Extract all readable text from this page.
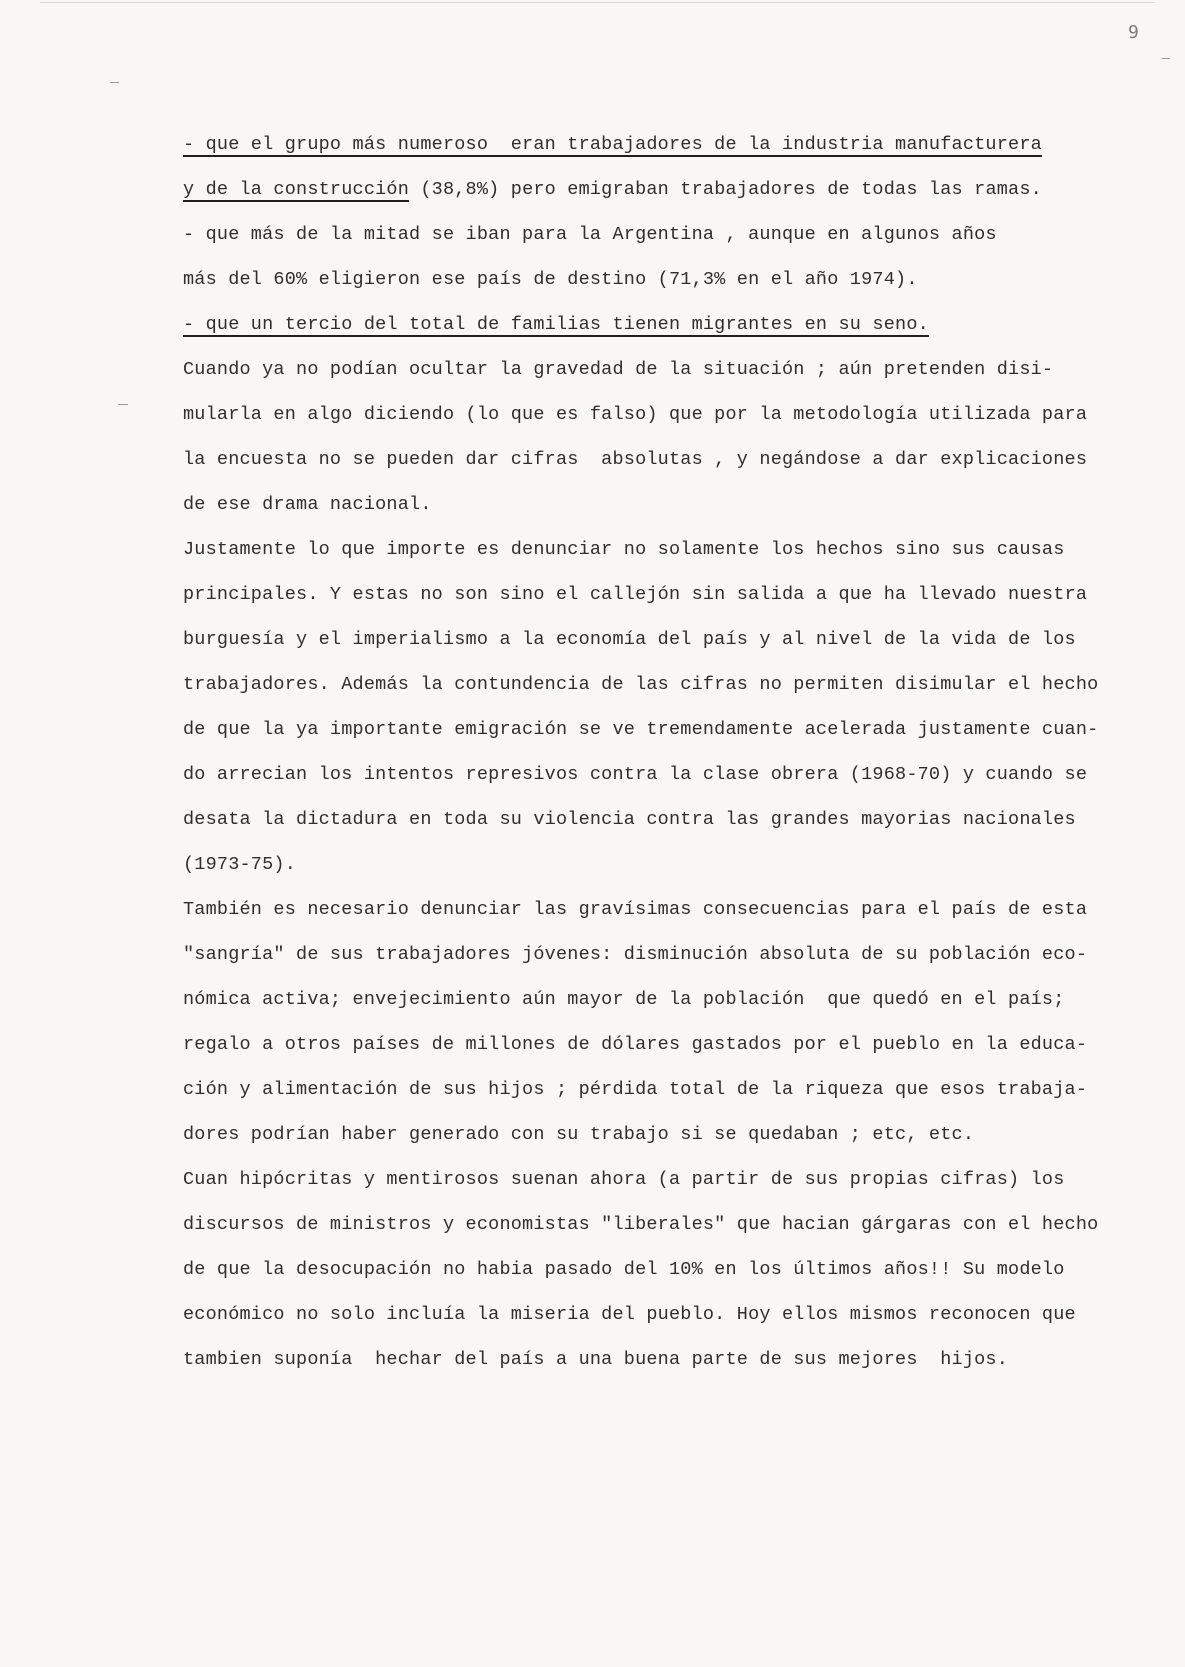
9
- que el grupo más numeroso  eran trabajadores de la industria manufacturera
y de la construcción (38,8%) pero emigraban trabajadores de todas las ramas.
- que más de la mitad se iban para la Argentina , aunque en algunos años
más del 60% eligieron ese país de destino (71,3% en el año 1974).
- que un tercio del total de familias tienen migrantes en su seno.
Cuando ya no podían ocultar la gravedad de la situación ; aún pretenden disi-
mularla en algo diciendo (lo que es falso) que por la metodología utilizada para
la encuesta no se pueden dar cifras  absolutas , y negándose a dar explicaciones
de ese drama nacional.
Justamente lo que importe es denunciar no solamente los hechos sino sus causas
principales. Y estas no son sino el callejón sin salida a que ha llevado nuestra
burguesía y el imperialismo a la economía del país y al nivel de la vida de los
trabajadores. Además la contundencia de las cifras no permiten disimular el hecho
de que la ya importante emigración se ve tremendamente acelerada justamente cuan-
do arrecian los intentos represivos contra la clase obrera (1968-70) y cuando se
desata la dictadura en toda su violencia contra las grandes mayorias nacionales
(1973-75).
También es necesario denunciar las gravísimas consecuencias para el país de esta
"sangría" de sus trabajadores jóvenes: disminución absoluta de su población eco-
nómica activa; envejecimiento aún mayor de la población  que quedó en el país;
regalo a otros países de millones de dólares gastados por el pueblo en la educa-
ción y alimentación de sus hijos ; pérdida total de la riqueza que esos trabaja-
dores podrían haber generado con su trabajo si se quedaban ; etc, etc.
Cuan hipócritas y mentirosos suenan ahora (a partir de sus propias cifras) los
discursos de ministros y economistas "liberales" que hacian gárgaras con el hecho
de que la desocupación no habia pasado del 10% en los últimos años!! Su modelo
económico no solo incluía la miseria del pueblo. Hoy ellos mismos reconocen que
tambien suponía  hechar del país a una buena parte de sus mejores  hijos.
